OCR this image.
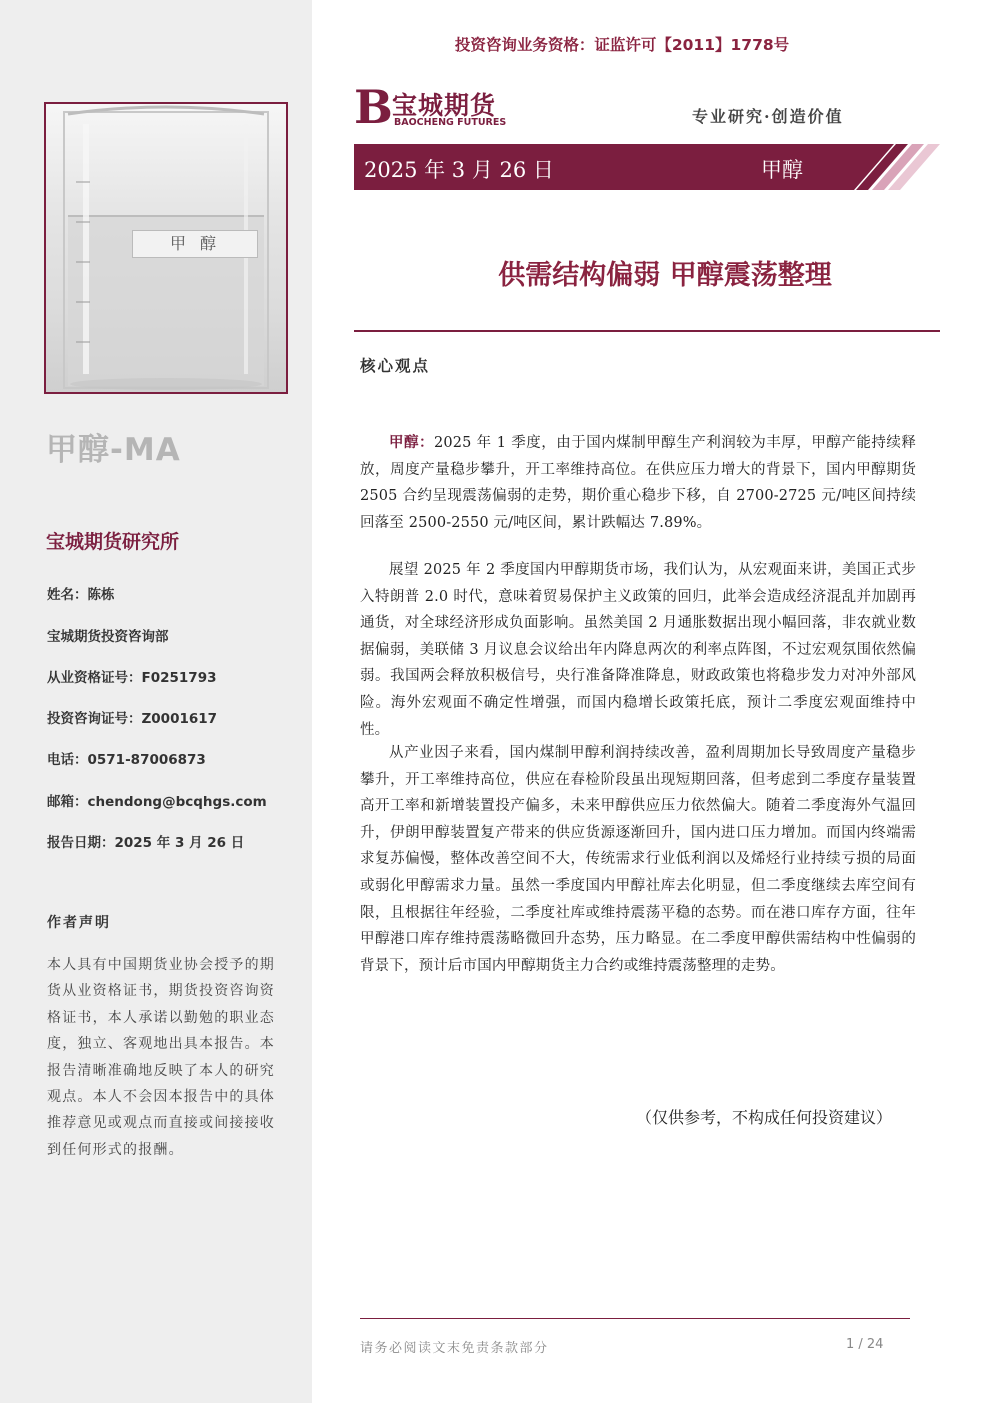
甲醇
甲醇-MA
宝城期货研究所
姓名：陈栋
宝城期货投资咨询部
从业资格证号：F0251793
投资咨询证号：Z0001617
电话：0571-87006873
邮箱：chendong@bcqhgs.com
报告日期：2025 年 3 月 26 日
作者声明
本人具有中国期货业协会授予的期货从业资格证书，期货投资咨询资格证书，本人承诺以勤勉的职业态度，独立、客观地出具本报告。本报告清晰准确地反映了本人的研究观点。本人不会因本报告中的具体推荐意见或观点而直接或间接接收到任何形式的报酬。
投资咨询业务资格：证监许可【2011】1778号
B 宝城期货
BAOCHENG FUTURES	专业研究·创造价值
2025 年 3 月 26 日	甲醇
供需结构偏弱 甲醇震荡整理
核心观点

甲醇：2025 年 1 季度，由于国内煤制甲醇生产利润较为丰厚，甲醇产能持续释放，周度产量稳步攀升，开工率维持高位。在供应压力增大的背景下，国内甲醇期货 2505 合约呈现震荡偏弱的走势，期价重心稳步下移，自 2700-2725 元/吨区间持续回落至 2500-2550 元/吨区间，累计跌幅达 7.89%。

展望 2025 年 2 季度国内甲醇期货市场，我们认为，从宏观面来讲，美国正式步入特朗普 2.0 时代，意味着贸易保护主义政策的回归，此举会造成经济混乱并加剧再通货，对全球经济形成负面影响。虽然美国 2 月通胀数据出现小幅回落，非农就业数据偏弱，美联储 3 月议息会议给出年内降息两次的利率点阵图，不过宏观氛围依然偏弱。我国两会释放积极信号，央行准备降准降息，财政政策也将稳步发力对冲外部风险。海外宏观面不确定性增强，而国内稳增长政策托底，预计二季度宏观面维持中性。

从产业因子来看，国内煤制甲醇利润持续改善，盈利周期加长导致周度产量稳步攀升，开工率维持高位，供应在春检阶段虽出现短期回落，但考虑到二季度存量装置高开工率和新增装置投产偏多，未来甲醇供应压力依然偏大。随着二季度海外气温回升，伊朗甲醇装置复产带来的供应货源逐渐回升，国内进口压力增加。而国内终端需求复苏偏慢，整体改善空间不大，传统需求行业低利润以及烯烃行业持续亏损的局面或弱化甲醇需求力量。虽然一季度国内甲醇社库去化明显，但二季度继续去库空间有限，且根据往年经验，二季度社库或维持震荡平稳的态势。而在港口库存方面，往年甲醇港口库存维持震荡略微回升态势，压力略显。在二季度甲醇供需结构中性偏弱的背景下，预计后市国内甲醇期货主力合约或维持震荡整理的走势。

（仅供参考，不构成任何投资建议）
请务必阅读文末免责条款部分	1 / 24
